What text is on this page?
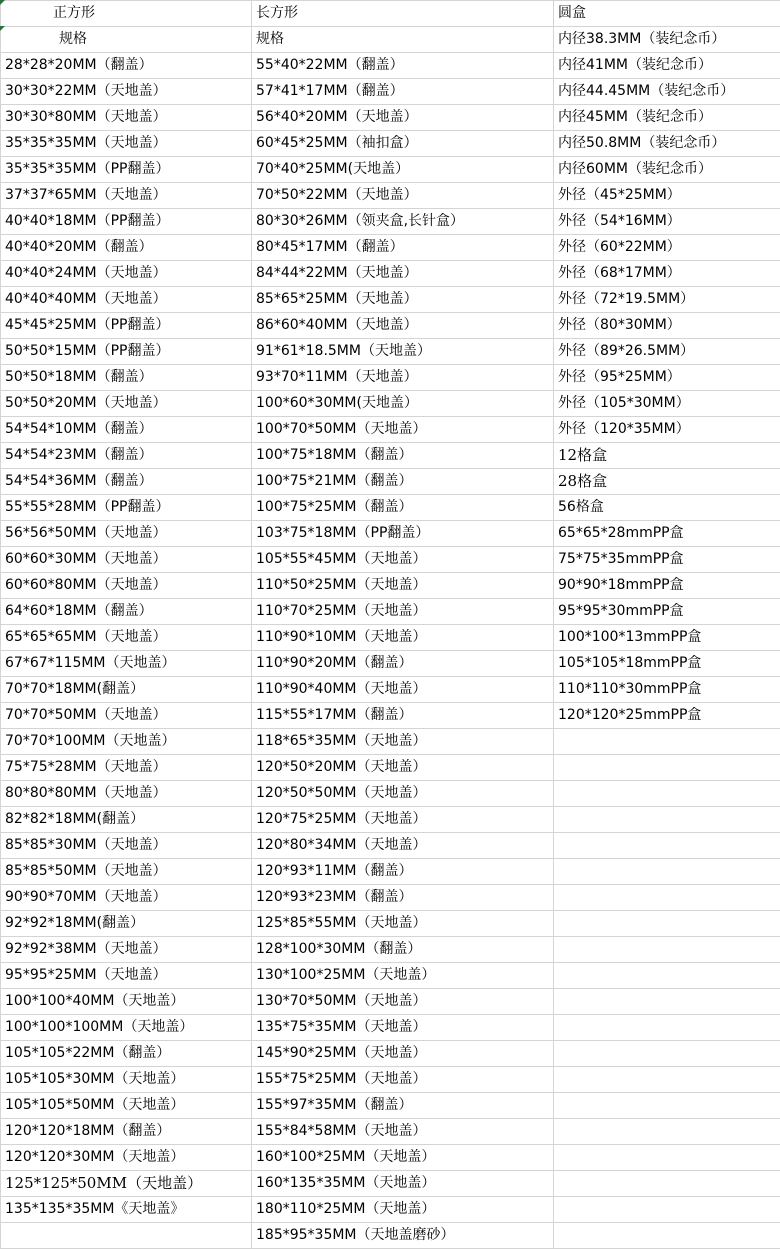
正方形	长方形	圆盒
规格	规格	内径38.3MM（装纪念币）
28*28*20MM（翻盖）	55*40*22MM（翻盖）	内径41MM（装纪念币）
30*30*22MM（天地盖）	57*41*17MM（翻盖）	内径44.45MM（装纪念币）
30*30*80MM（天地盖）	56*40*20MM（天地盖）	内径45MM（装纪念币）
35*35*35MM（天地盖）	60*45*25MM（袖扣盒）	内径50.8MM（装纪念币）
35*35*35MM（PP翻盖）	70*40*25MM(天地盖）	内径60MM（装纪念币）
37*37*65MM（天地盖）	70*50*22MM（天地盖）	外径（45*25MM）
40*40*18MM（PP翻盖）	80*30*26MM（领夹盒,长针盒）	外径（54*16MM）
40*40*20MM（翻盖）	80*45*17MM（翻盖）	外径（60*22MM）
40*40*24MM（天地盖）	84*44*22MM（天地盖）	外径（68*17MM）
40*40*40MM（天地盖）	85*65*25MM（天地盖）	外径（72*19.5MM）
45*45*25MM（PP翻盖）	86*60*40MM（天地盖）	外径（80*30MM）
50*50*15MM（PP翻盖）	91*61*18.5MM（天地盖）	外径（89*26.5MM）
50*50*18MM（翻盖）	93*70*11MM（天地盖）	外径（95*25MM）
50*50*20MM（天地盖）	100*60*30MM(天地盖）	外径（105*30MM）
54*54*10MM（翻盖）	100*70*50MM（天地盖）	外径（120*35MM）
54*54*23MM（翻盖）	100*75*18MM（翻盖）	12格盒
54*54*36MM（翻盖）	100*75*21MM（翻盖）	28格盒
55*55*28MM（PP翻盖）	100*75*25MM（翻盖）	56格盒
56*56*50MM（天地盖）	103*75*18MM（PP翻盖）	65*65*28mmPP盒
60*60*30MM（天地盖）	105*55*45MM（天地盖）	75*75*35mmPP盒
60*60*80MM（天地盖）	110*50*25MM（天地盖）	90*90*18mmPP盒
64*60*18MM（翻盖）	110*70*25MM（天地盖）	95*95*30mmPP盒
65*65*65MM（天地盖）	110*90*10MM（天地盖）	100*100*13mmPP盒
67*67*115MM（天地盖）	110*90*20MM（翻盖）	105*105*18mmPP盒
70*70*18MM(翻盖）	110*90*40MM（天地盖）	110*110*30mmPP盒
70*70*50MM（天地盖）	115*55*17MM（翻盖）	120*120*25mmPP盒
70*70*100MM（天地盖）	118*65*35MM（天地盖）	
75*75*28MM（天地盖）	120*50*20MM（天地盖）	
80*80*80MM（天地盖）	120*50*50MM（天地盖）	
82*82*18MM(翻盖）	120*75*25MM（天地盖）	
85*85*30MM（天地盖）	120*80*34MM（天地盖）	
85*85*50MM（天地盖）	120*93*11MM（翻盖）	
90*90*70MM（天地盖）	120*93*23MM（翻盖）	
92*92*18MM(翻盖）	125*85*55MM（天地盖）	
92*92*38MM（天地盖）	128*100*30MM（翻盖）	
95*95*25MM（天地盖）	130*100*25MM（天地盖）	
100*100*40MM（天地盖）	130*70*50MM（天地盖）	
100*100*100MM（天地盖）	135*75*35MM（天地盖）	
105*105*22MM（翻盖）	145*90*25MM（天地盖）	
105*105*30MM（天地盖）	155*75*25MM（天地盖）	
105*105*50MM（天地盖）	155*97*35MM（翻盖）	
120*120*18MM（翻盖）	155*84*58MM（天地盖）	
120*120*30MM（天地盖）	160*100*25MM（天地盖）	
125*125*50MM（天地盖）	160*135*35MM（天地盖）	
135*135*35MM《天地盖》	180*110*25MM（天地盖）	
	185*95*35MM（天地盖磨砂）	
